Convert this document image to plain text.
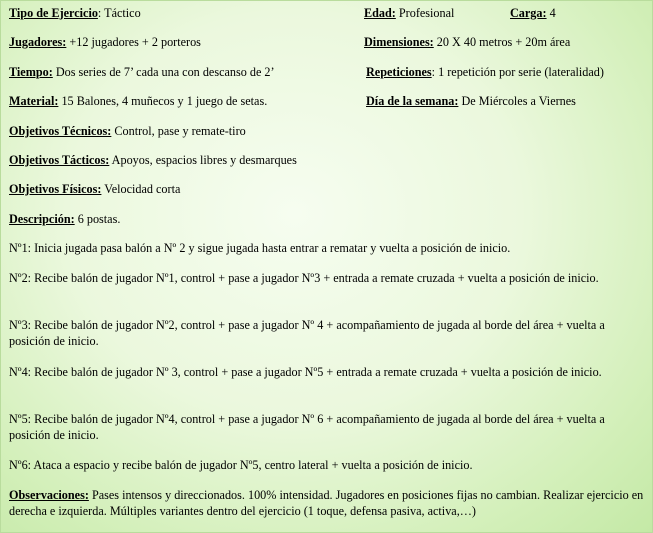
Tipo de Ejercicio: Táctico	Edad: Profesional	Carga: 4
Jugadores: +12 jugadores + 2 porteros	Dimensiones: 20 X 40 metros + 20m área
Tiempo: Dos series de 7’ cada una con descanso de 2’	Repeticiones: 1 repetición por serie (lateralidad)
Material: 15 Balones, 4 muñecos y 1 juego de setas.	Día de la semana: De Miércoles a Viernes
Objetivos Técnicos: Control, pase y remate-tiro
Objetivos Tácticos: Apoyos, espacios libres y desmarques
Objetivos Físicos: Velocidad corta
Descripción: 6 postas.
Nº1: Inicia jugada pasa balón a Nº 2 y sigue jugada hasta entrar a rematar y vuelta a posición de inicio.
Nº2: Recibe balón de jugador Nº1, control + pase a jugador Nº3 + entrada a remate cruzada + vuelta a posición de inicio.
Nº3: Recibe balón de jugador Nº2, control + pase a jugador Nº 4 + acompañamiento de jugada al borde del área + vuelta a posición de inicio.
Nº4: Recibe balón de jugador Nº 3, control + pase a jugador Nº5 + entrada a remate cruzada + vuelta a posición de inicio.
Nº5: Recibe balón de jugador Nº4, control + pase a jugador Nº 6 + acompañamiento de jugada al borde del área + vuelta a posición de inicio.
Nº6: Ataca a espacio y recibe balón de jugador Nº5, centro lateral + vuelta a posición de inicio.
Observaciones: Pases intensos y direccionados. 100% intensidad. Jugadores en posiciones fijas no cambian. Realizar ejercicio en derecha e izquierda. Múltiples variantes dentro del ejercicio (1 toque, defensa pasiva, activa,…)
